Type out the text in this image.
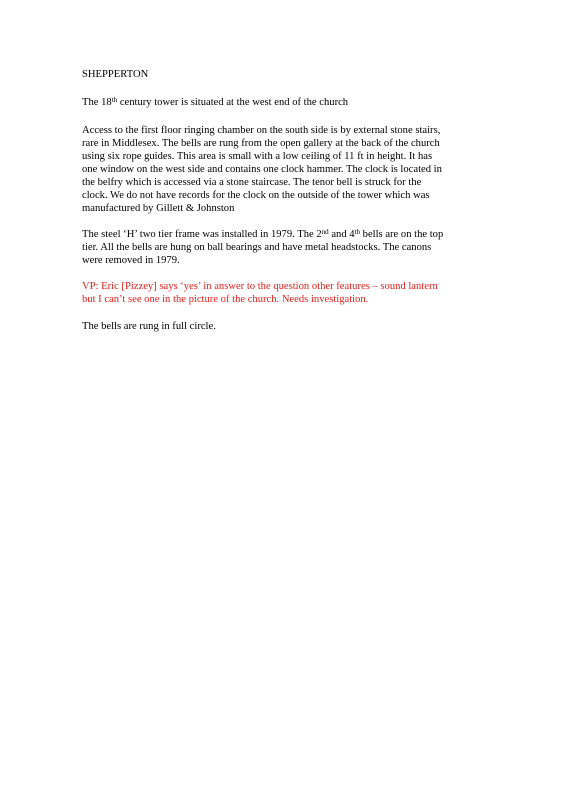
SHEPPERTON
The 18th century tower is situated at the west end of the church
Access to the first floor ringing chamber on the south side is by external stone stairs,
rare in Middlesex. The bells are rung from the open gallery at the back of the church
using six rope guides. This area is small with a low ceiling of 11 ft in height. It has
one window on the west side and contains one clock hammer. The clock is located in
the belfry which is accessed via a stone staircase. The tenor bell is struck for the
clock. We do not have records for the clock on the outside of the tower which was
manufactured by Gillett & Johnston
The steel ‘H’ two tier frame was installed in 1979. The 2nd and 4th bells are on the top
tier. All the bells are hung on ball bearings and have metal headstocks. The canons
were removed in 1979.
VP: Eric [Pizzey] says ‘yes’ in answer to the question other features – sound lantern
but I can’t see one in the picture of the church. Needs investigation.
The bells are rung in full circle.
